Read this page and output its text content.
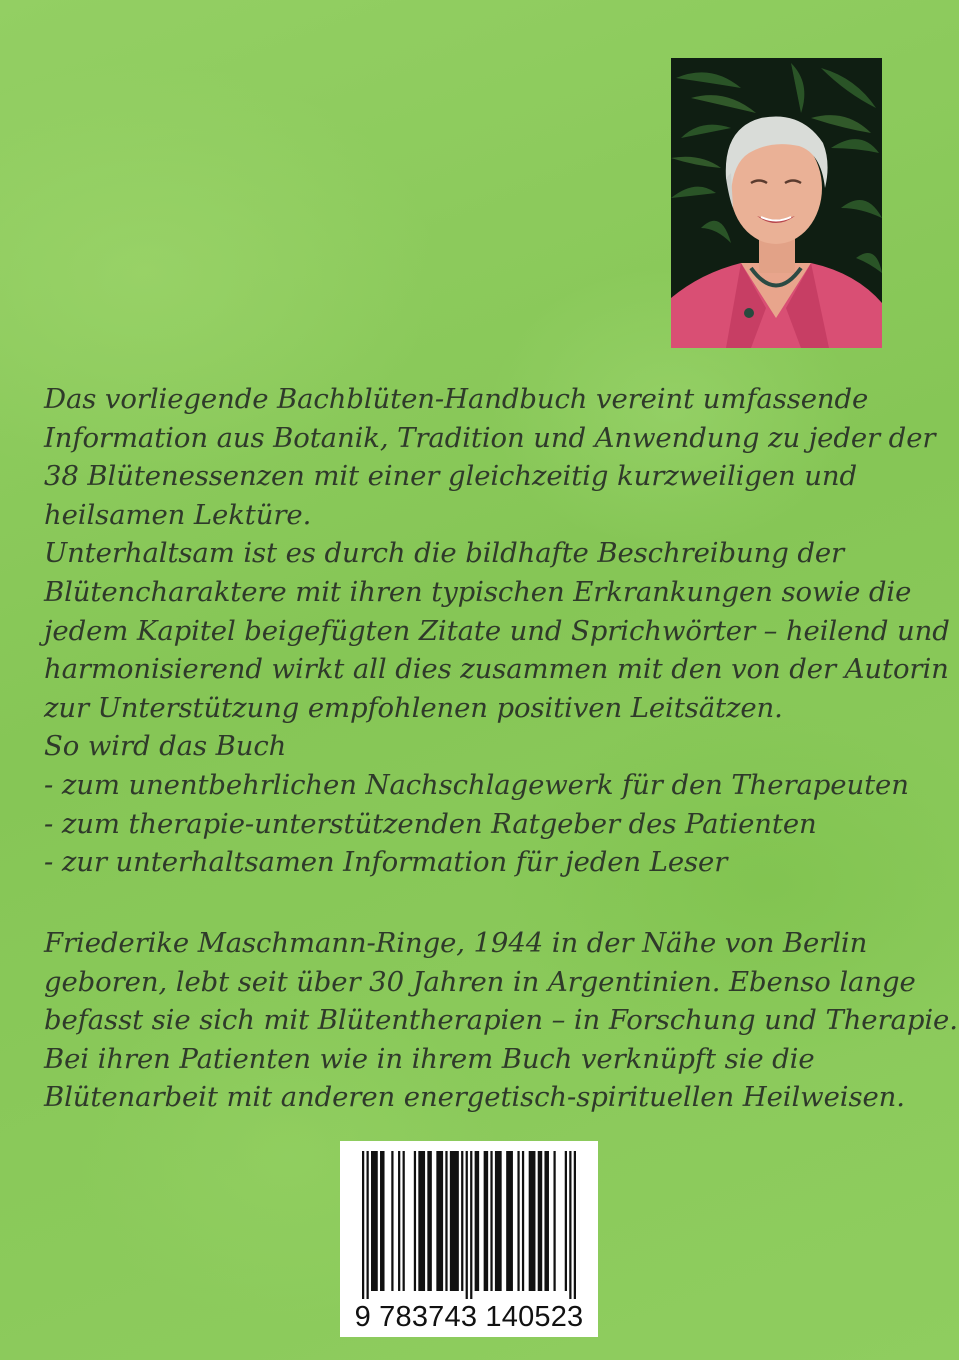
Das vorliegende Bachblüten-Handbuch vereint umfassende
Information aus Botanik, Tradition und Anwendung zu jeder der
38 Blütenessenzen mit einer gleichzeitig kurzweiligen und
heilsamen Lektüre.
Unterhaltsam ist es durch die bildhafte Beschreibung der
Blütencharaktere mit ihren typischen Erkrankungen sowie die
jedem Kapitel beigefügten Zitate und Sprichwörter – heilend und
harmonisierend wirkt all dies zusammen mit den von der Autorin
zur Unterstützung empfohlenen positiven Leitsätzen.
So wird das Buch
- zum unentbehrlichen Nachschlagewerk für den Therapeuten
- zum therapie-unterstützenden Ratgeber des Patienten
- zur unterhaltsamen Information für jeden Leser
Friederike Maschmann-Ringe, 1944 in der Nähe von Berlin
geboren, lebt seit über 30 Jahren in Argentinien. Ebenso lange
befasst sie sich mit Blütentherapien – in Forschung und Therapie.
Bei ihren Patienten wie in ihrem Buch verknüpft sie die
Blütenarbeit mit anderen energetisch-spirituellen Heilweisen.
9 783743 140523
